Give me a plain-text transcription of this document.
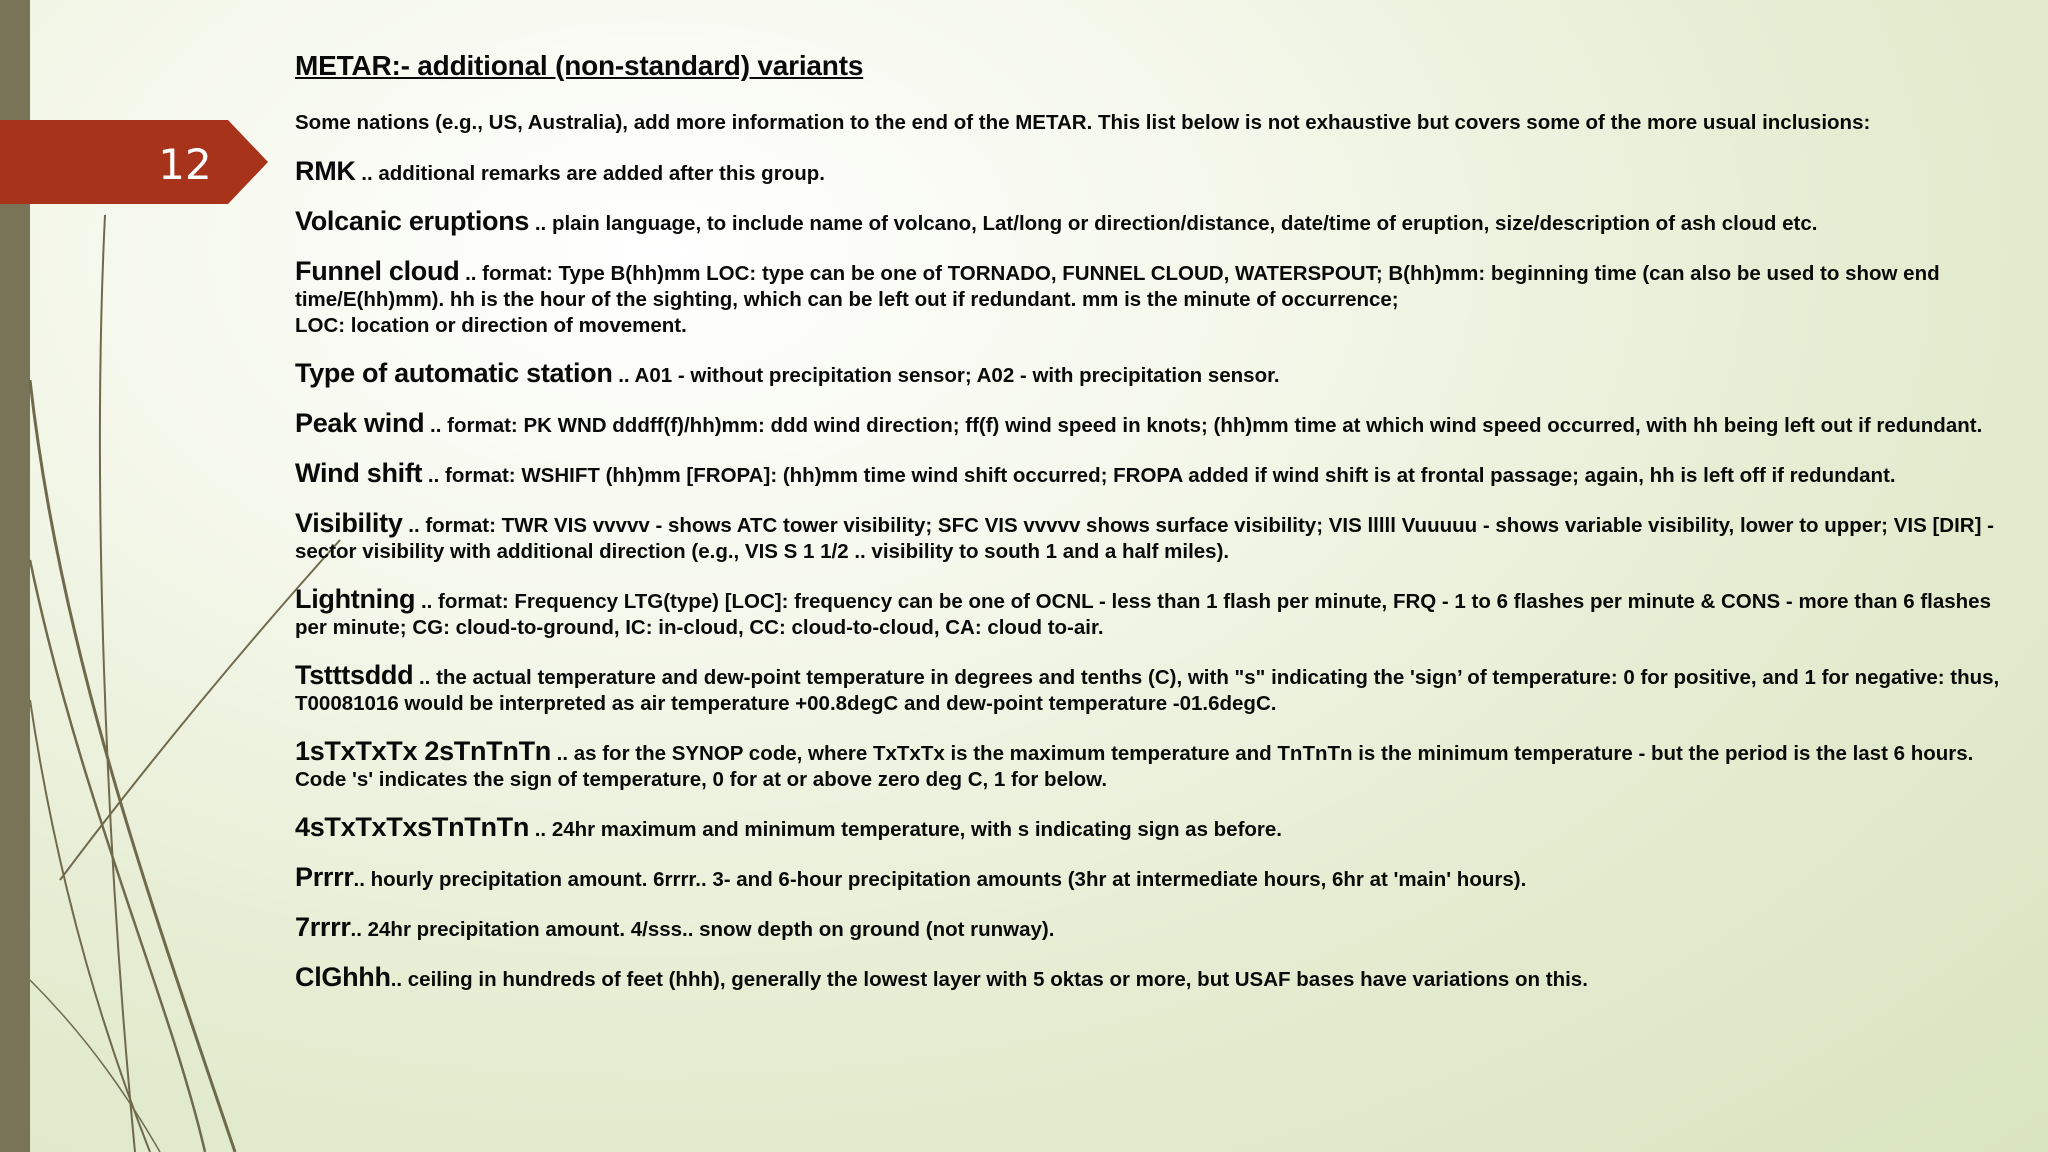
12
METAR:- additional (non-standard) variants
Some nations (e.g., US, Australia), add more information to the end of the METAR. This list below is not exhaustive but covers some of the more usual inclusions:
RMK .. additional remarks are added after this group.
Volcanic eruptions .. plain language, to include name of volcano, Lat/long or direction/distance, date/time of eruption, size/description of ash cloud etc.
Funnel cloud .. format: Type B(hh)mm LOC: type can be one of TORNADO, FUNNEL CLOUD, WATERSPOUT; B(hh)mm: beginning time (can also be used to show end time/E(hh)mm). hh is the hour of the sighting, which can be left out if redundant. mm is the minute of occurrence;
LOC: location or direction of movement.
Type of automatic station .. A01 - without precipitation sensor; A02 - with precipitation sensor.
Peak wind .. format: PK WND dddff(f)/hh)mm: ddd wind direction; ff(f) wind speed in knots; (hh)mm time at which wind speed occurred, with hh being left out if redundant.
Wind shift .. format: WSHIFT (hh)mm [FROPA]: (hh)mm time wind shift occurred; FROPA added if wind shift is at frontal passage; again, hh is left off if redundant.
Visibility .. format: TWR VIS vvvvv - shows ATC tower visibility; SFC VIS vvvvv shows surface visibility; VIS lllll Vuuuuu - shows variable visibility, lower to upper; VIS [DIR] - sector visibility with additional direction (e.g., VIS S 1 1/2 .. visibility to south 1 and a half miles).
Lightning .. format: Frequency LTG(type) [LOC]: frequency can be one of OCNL - less than 1 flash per minute, FRQ - 1 to 6 flashes per minute & CONS - more than 6 flashes per minute; CG: cloud-to-ground, IC: in-cloud, CC: cloud-to-cloud, CA: cloud to-air.
Tstttsddd .. the actual temperature and dew-point temperature in degrees and tenths (C), with "s" indicating the 'sign’ of temperature: 0 for positive, and 1 for negative: thus, T00081016 would be interpreted as air temperature +00.8degC and dew-point temperature -01.6degC.
1sTxTxTx 2sTnTnTn .. as for the SYNOP code, where TxTxTx is the maximum temperature and TnTnTn is the minimum temperature - but the period is the last 6 hours. Code 's' indicates the sign of temperature, 0 for at or above zero deg C, 1 for below.
4sTxTxTxsTnTnTn .. 24hr maximum and minimum temperature, with s indicating sign as before.
Prrrr.. hourly precipitation amount. 6rrrr.. 3- and 6-hour precipitation amounts (3hr at intermediate hours, 6hr at 'main' hours).
7rrrr.. 24hr precipitation amount. 4/sss.. snow depth on ground (not runway).
ClGhhh.. ceiling in hundreds of feet (hhh), generally the lowest layer with 5 oktas or more, but USAF bases have variations on this.
